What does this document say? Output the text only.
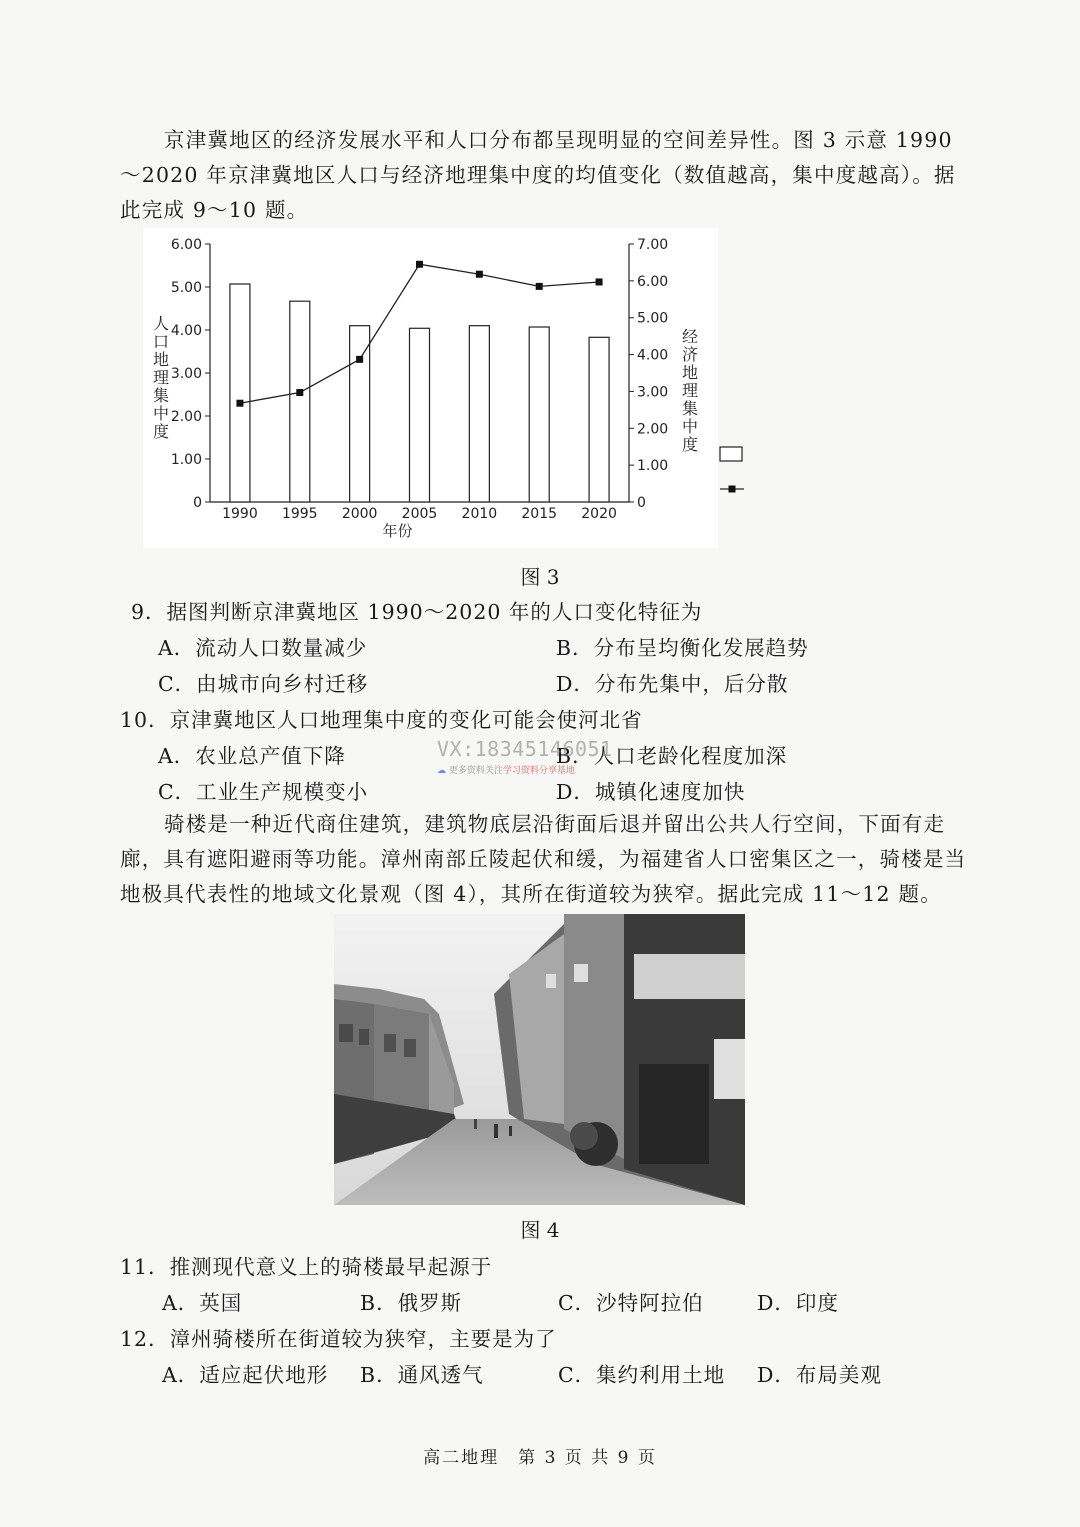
京津冀地区的经济发展水平和人口分布都呈现明显的空间差异性。图 3 示意 1990～2020 年京津冀地区人口与经济地理集中度的均值变化（数值越高，集中度越高）。据此完成 9～10 题。

0
1.00
2.00
3.00
4.00
5.00
6.00
0
1.00
2.00
3.00
4.00
5.00
6.00
7.00
1990 1995 2000 2005 2010 2015 2020
年份
人口地理集中度
经济地理集中度
图 3
9．据图判断京津冀地区 1990～2020 年的人口变化特征为
A．流动人口数量减少	B．分布呈均衡化发展趋势
C．由城市向乡村迁移	D．分布先集中，后分散
10．京津冀地区人口地理集中度的变化可能会使河北省
A．农业总产值下降	B．人口老龄化程度加深
C．工业生产规模变小	D．城镇化速度加快
VX:18345146051
☁ 更多资料关注学习资料分享基地

骑楼是一种近代商住建筑，建筑物底层沿街面后退并留出公共人行空间，下面有走廊，具有遮阳避雨等功能。漳州南部丘陵起伏和缓，为福建省人口密集区之一，骑楼是当地极具代表性的地域文化景观（图 4），其所在街道较为狭窄。据此完成 11～12 题。

图 4
11．推测现代意义上的骑楼最早起源于
A．英国	B．俄罗斯	C．沙特阿拉伯	D．印度
12．漳州骑楼所在街道较为狭窄，主要是为了
A．适应起伏地形 B．通风透气	C．集约利用土地 D．布局美观
高二地理　第 3 页 共 9 页
